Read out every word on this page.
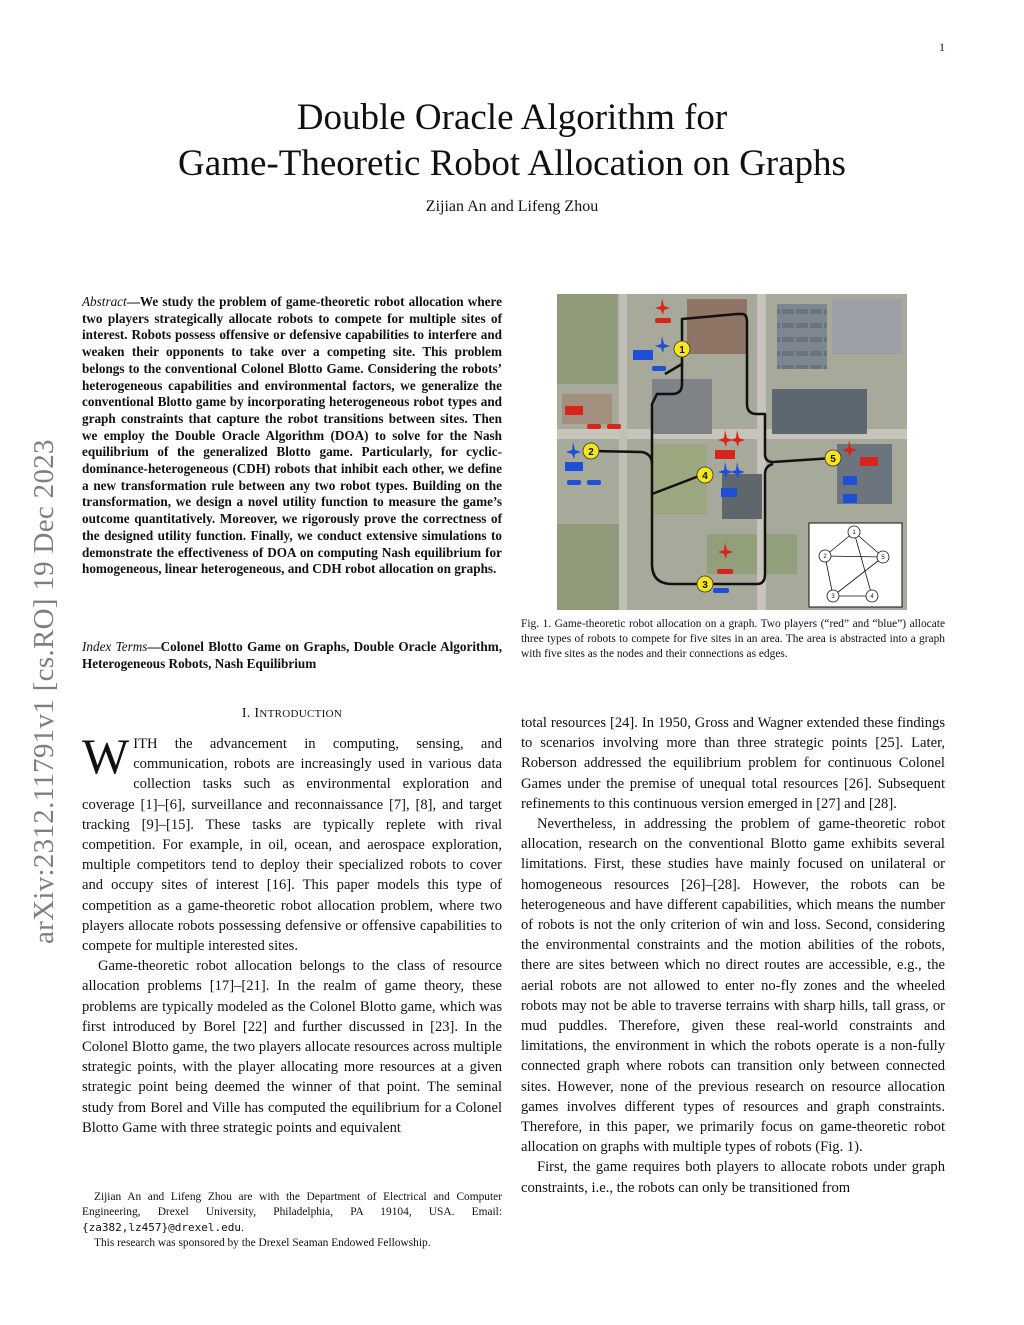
1
Double Oracle Algorithm for
Game-Theoretic Robot Allocation on Graphs
Zijian An and Lifeng Zhou
arXiv:2312.11791v1 [cs.RO] 19 Dec 2023
Abstract—We study the problem of game-theoretic robot allocation where two players strategically allocate robots to compete for multiple sites of interest. Robots possess offensive or defensive capabilities to interfere and weaken their opponents to take over a competing site. This problem belongs to the conventional Colonel Blotto Game. Considering the robots’ heterogeneous capabilities and environmental factors, we generalize the conventional Blotto game by incorporating heterogeneous robot types and graph constraints that capture the robot transitions between sites. Then we employ the Double Oracle Algorithm (DOA) to solve for the Nash equilibrium of the generalized Blotto game. Particularly, for cyclic-dominance-heterogeneous (CDH) robots that inhibit each other, we define a new transformation rule between any two robot types. Building on the transformation, we design a novel utility function to measure the game’s outcome quantitatively. Moreover, we rigorously prove the correctness of the designed utility function. Finally, we conduct extensive simulations to demonstrate the effectiveness of DOA on computing Nash equilibrium for homogeneous, linear heterogeneous, and CDH robot allocation on graphs.
Index Terms—Colonel Blotto Game on Graphs, Double Oracle Algorithm, Heterogeneous Robots, Nash Equilibrium
I. INTRODUCTION

WITH the advancement in computing, sensing, and communication, robots are increasingly used in various data collection tasks such as environmental exploration and coverage [1]–[6], surveillance and reconnaissance [7], [8], and target tracking [9]–[15]. These tasks are typically replete with rival competition. For example, in oil, ocean, and aerospace exploration, multiple competitors tend to deploy their specialized robots to cover and occupy sites of interest [16]. This paper models this type of competition as a game-theoretic robot allocation problem, where two players allocate robots possessing defensive or offensive capabilities to compete for multiple interested sites.

Game-theoretic robot allocation belongs to the class of resource allocation problems [17]–[21]. In the realm of game theory, these problems are typically modeled as the Colonel Blotto game, which was first introduced by Borel [22] and further discussed in [23]. In the Colonel Blotto game, the two players allocate resources across multiple strategic points, with the player allocating more resources at a given strategic point being deemed the winner of that point. The seminal study from Borel and Ville has computed the equilibrium for a Colonel Blotto Game with three strategic points and equivalent

Zijian An and Lifeng Zhou are with the Department of Electrical and Computer Engineering, Drexel University, Philadelphia, PA 19104, USA. Email: {za382,lz457}@drexel.edu.

This research was sponsored by the Drexel Seaman Endowed Fellowship.

1
2
3
4
5
1
2
3	4
5
Fig. 1. Game-theoretic robot allocation on a graph. Two players (“red” and “blue”) allocate three types of robots to compete for five sites in an area. The area is abstracted into a graph with five sites as the nodes and their connections as edges.

total resources [24]. In 1950, Gross and Wagner extended these findings to scenarios involving more than three strategic points [25]. Later, Roberson addressed the equilibrium problem for continuous Colonel Games under the premise of unequal total resources [26]. Subsequent refinements to this continuous version emerged in [27] and [28].

Nevertheless, in addressing the problem of game-theoretic robot allocation, research on the conventional Blotto game exhibits several limitations. First, these studies have mainly focused on unilateral or homogeneous resources [26]–[28]. However, the robots can be heterogeneous and have different capabilities, which means the number of robots is not the only criterion of win and loss. Second, considering the environmental constraints and the motion abilities of the robots, there are sites between which no direct routes are accessible, e.g., the aerial robots are not allowed to enter no-fly zones and the wheeled robots may not be able to traverse terrains with sharp hills, tall grass, or mud puddles. Therefore, given these real-world constraints and limitations, the environment in which the robots operate is a non-fully connected graph where robots can transition only between connected sites. However, none of the previous research on resource allocation games involves different types of resources and graph constraints. Therefore, in this paper, we primarily focus on game-theoretic robot allocation on graphs with multiple types of robots (Fig. 1).

First, the game requires both players to allocate robots under graph constraints, i.e., the robots can only be transitioned from
